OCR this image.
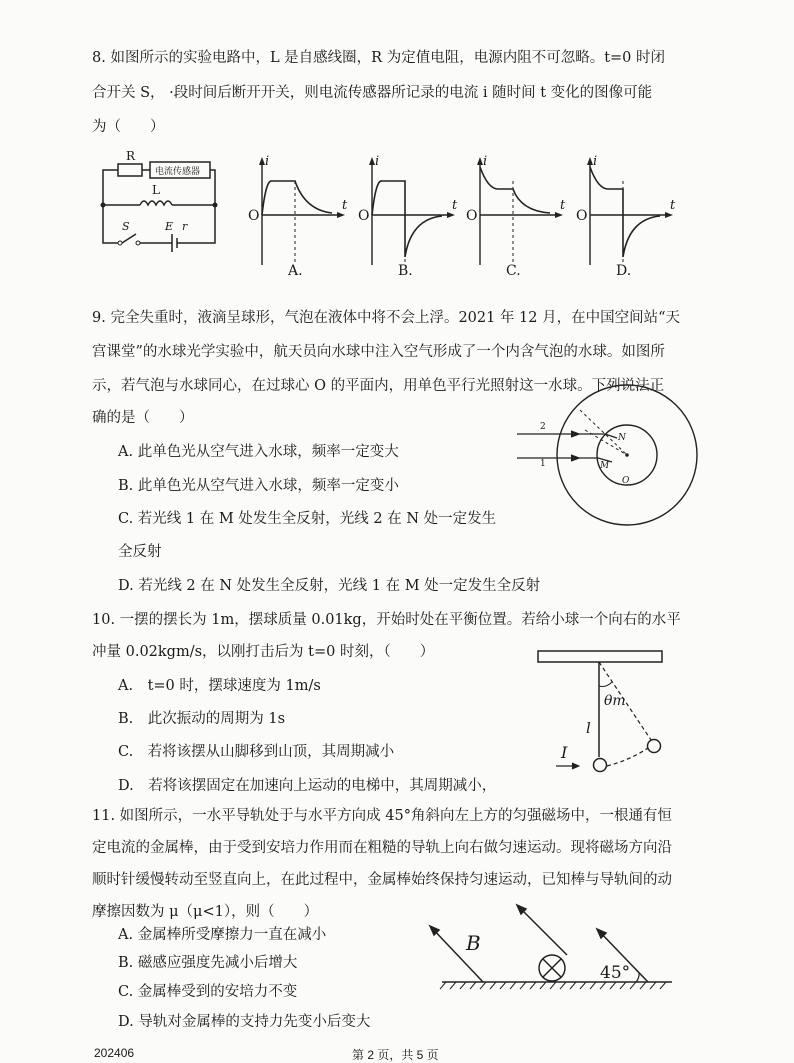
8. 如图所示的实验电路中，L 是自感线圈，R 为定值电阻，电源内阻不可忽略。t=0 时闭
合开关 S， ·段时间后断开开关，则电流传感器所记录的电流 i 随时间 t 变化的图像可能
为（　　）
R
电流传感器
L
S	E r
i
t
O
A.
i
t
O
B.
i
t
O
C.
i
t
O
D.
9. 完全失重时，液滴呈球形，气泡在液体中将不会上浮。2021 年 12 月，在中国空间站“天
宫课堂”的水球光学实验中，航天员向水球中注入空气形成了一个内含气泡的水球。如图所
示，若气泡与水球同心，在过球心 O 的平面内，用单色平行光照射这一水球。下列说法正
确的是（　　）
A. 此单色光从空气进入水球，频率一定变大
B. 此单色光从空气进入水球，频率一定变小
C. 若光线 1 在 M 处发生全反射，光线 2 在 N 处一定发生
全反射
D. 若光线 2 在 N 处发生全反射，光线 1 在 M 处一定发生全反射
2
1
N
M
O
10. 一摆的摆长为 1m，摆球质量 0.01kg，开始时处在平衡位置。若给小球一个向右的水平
冲量 0.02kgm/s，以刚打击后为 t=0 时刻，（　　）
A.　t=0 时，摆球速度为 1m/s
B.　此次振动的周期为 1s
C.　若将该摆从山脚移到山顶，其周期减小
D.　若将该摆固定在加速向上运动的电梯中，其周期减小，
θm
l
I
11. 如图所示，一水平导轨处于与水平方向成 45°角斜向左上方的匀强磁场中，一根通有恒
定电流的金属棒，由于受到安培力作用而在粗糙的导轨上向右做匀速运动。现将磁场方向沿
顺时针缓慢转动至竖直向上，在此过程中，金属棒始终保持匀速运动，已知棒与导轨间的动
摩擦因数为 μ（μ<1），则（　　）
A. 金属棒所受摩擦力一直在减小
B. 磁感应强度先减小后增大
C. 金属棒受到的安培力不变
D. 导轨对金属棒的支持力先变小后变大
B
45°
202406	第 2 页，共 5 页
